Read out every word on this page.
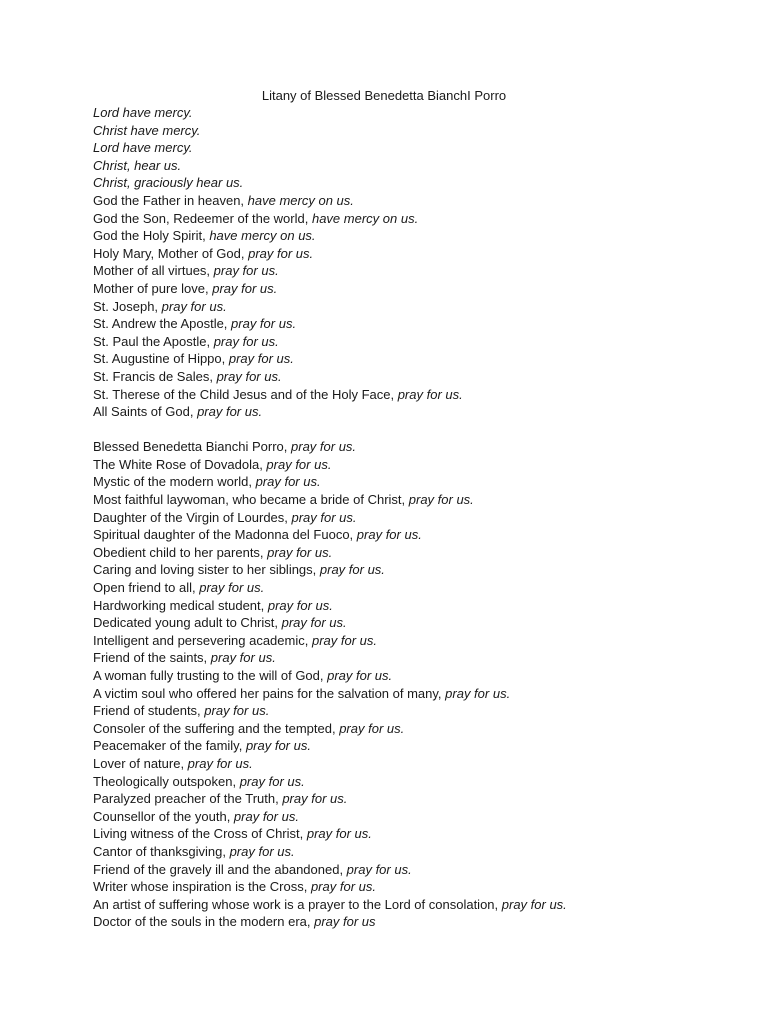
Litany of Blessed Benedetta BianchI Porro
Lord have mercy.
Christ have mercy.
Lord have mercy.
Christ, hear us.
Christ, graciously hear us.
God the Father in heaven, have mercy on us.
God the Son, Redeemer of the world, have mercy on us.
God the Holy Spirit, have mercy on us.
Holy Mary, Mother of God, pray for us.
Mother of all virtues, pray for us.
Mother of pure love, pray for us.
St. Joseph, pray for us.
St. Andrew the Apostle, pray for us.
St. Paul the Apostle, pray for us.
St. Augustine of Hippo, pray for us.
St. Francis de Sales, pray for us.
St. Therese of the Child Jesus and of the Holy Face, pray for us.
All Saints of God, pray for us.
Blessed Benedetta Bianchi Porro, pray for us.
The White Rose of Dovadola, pray for us.
Mystic of the modern world, pray for us.
Most faithful laywoman, who became a bride of Christ, pray for us.
Daughter of the Virgin of Lourdes, pray for us.
Spiritual daughter of the Madonna del Fuoco, pray for us.
Obedient child to her parents, pray for us.
Caring and loving sister to her siblings, pray for us.
Open friend to all, pray for us.
Hardworking medical student, pray for us.
Dedicated young adult to Christ, pray for us.
Intelligent and persevering academic, pray for us.
Friend of the saints, pray for us.
A woman fully trusting to the will of God, pray for us.
A victim soul who offered her pains for the salvation of many, pray for us.
Friend of students, pray for us.
Consoler of the suffering and the tempted, pray for us.
Peacemaker of the family, pray for us.
Lover of nature, pray for us.
Theologically outspoken, pray for us.
Paralyzed preacher of the Truth, pray for us.
Counsellor of the youth, pray for us.
Living witness of the Cross of Christ, pray for us.
Cantor of thanksgiving, pray for us.
Friend of the gravely ill and the abandoned, pray for us.
Writer whose inspiration is the Cross, pray for us.
An artist of suffering whose work is a prayer to the Lord of consolation, pray for us.
Doctor of the souls in the modern era, pray for us
